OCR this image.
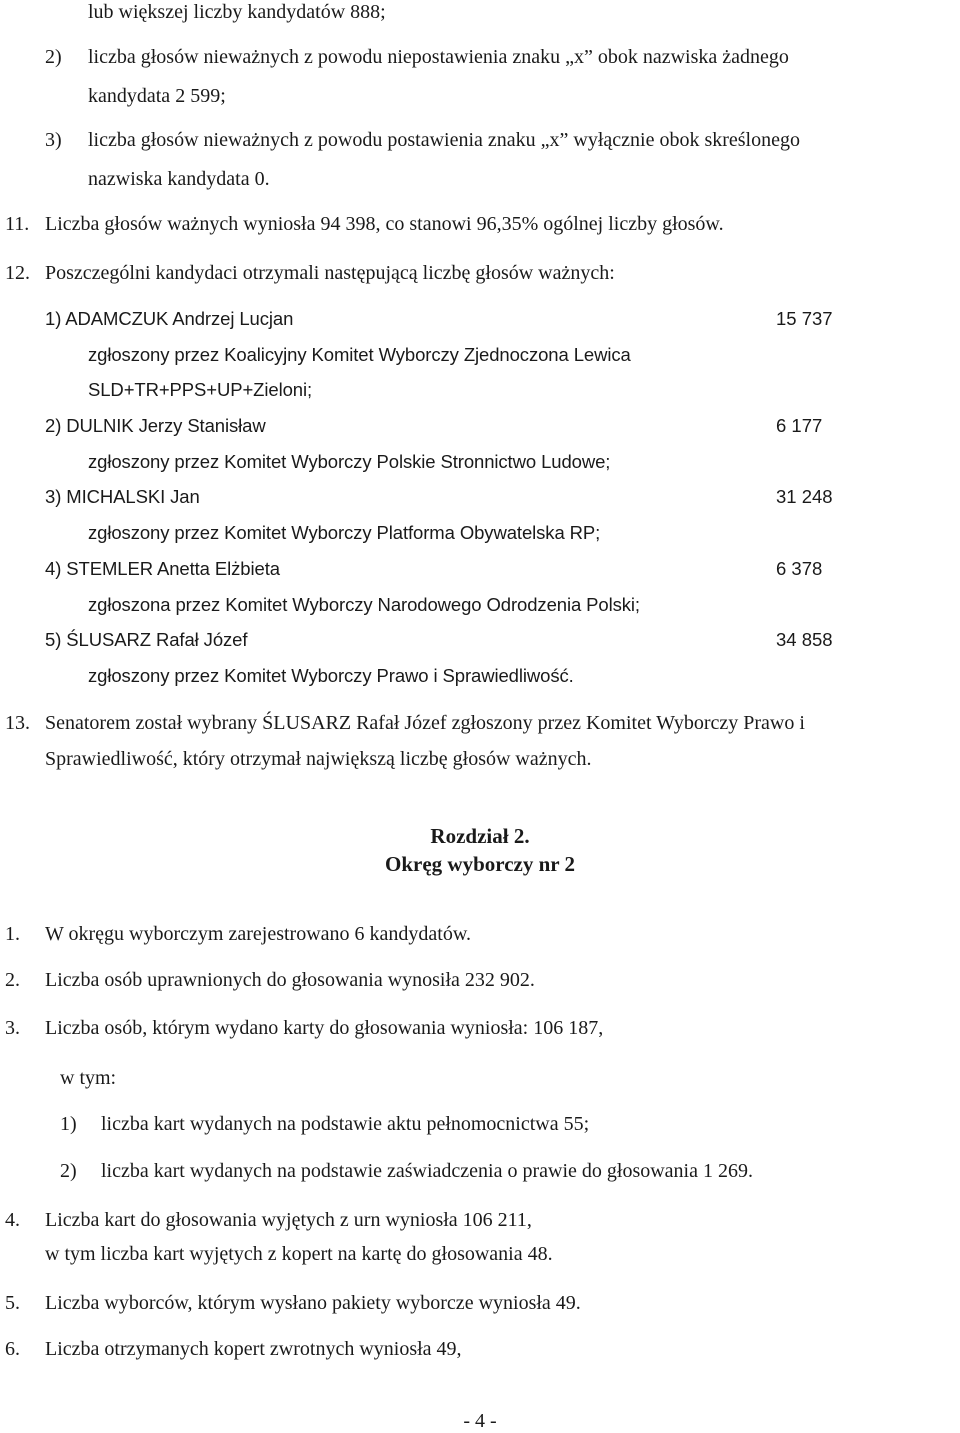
lub większej liczby kandydatów 888;
2) liczba głosów nieważnych z powodu niepostawienia znaku „x” obok nazwiska żadnego
kandydata 2 599;
3) liczba głosów nieważnych z powodu postawienia znaku „x” wyłącznie obok skreślonego
nazwiska kandydata 0.
11. Liczba głosów ważnych wyniosła 94 398, co stanowi 96,35% ogólnej liczby głosów.
12. Poszczególni kandydaci otrzymali następującą liczbę głosów ważnych:
1) ADAMCZUK Andrzej Lucjan	15 737
zgłoszony przez Koalicyjny Komitet Wyborczy Zjednoczona Lewica
SLD+TR+PPS+UP+Zieloni;
2) DULNIK Jerzy Stanisław	6 177
zgłoszony przez Komitet Wyborczy Polskie Stronnictwo Ludowe;
3) MICHALSKI Jan	31 248
zgłoszony przez Komitet Wyborczy Platforma Obywatelska RP;
4) STEMLER Anetta Elżbieta	6 378
zgłoszona przez Komitet Wyborczy Narodowego Odrodzenia Polski;
5) ŚLUSARZ Rafał Józef	34 858
zgłoszony przez Komitet Wyborczy Prawo i Sprawiedliwość.
13. Senatorem został wybrany ŚLUSARZ Rafał Józef zgłoszony przez Komitet Wyborczy Prawo i
Sprawiedliwość, który otrzymał największą liczbę głosów ważnych.
Rozdział 2.
Okręg wyborczy nr 2
1. W okręgu wyborczym zarejestrowano 6 kandydatów.
2. Liczba osób uprawnionych do głosowania wynosiła 232 902.
3. Liczba osób, którym wydano karty do głosowania wyniosła: 106 187,
w tym:
1) liczba kart wydanych na podstawie aktu pełnomocnictwa 55;
2) liczba kart wydanych na podstawie zaświadczenia o prawie do głosowania 1 269.
4. Liczba kart do głosowania wyjętych z urn wyniosła 106 211,
w tym liczba kart wyjętych z kopert na kartę do głosowania 48.
5. Liczba wyborców, którym wysłano pakiety wyborcze wyniosła 49.
6. Liczba otrzymanych kopert zwrotnych wyniosła 49,
- 4 -
